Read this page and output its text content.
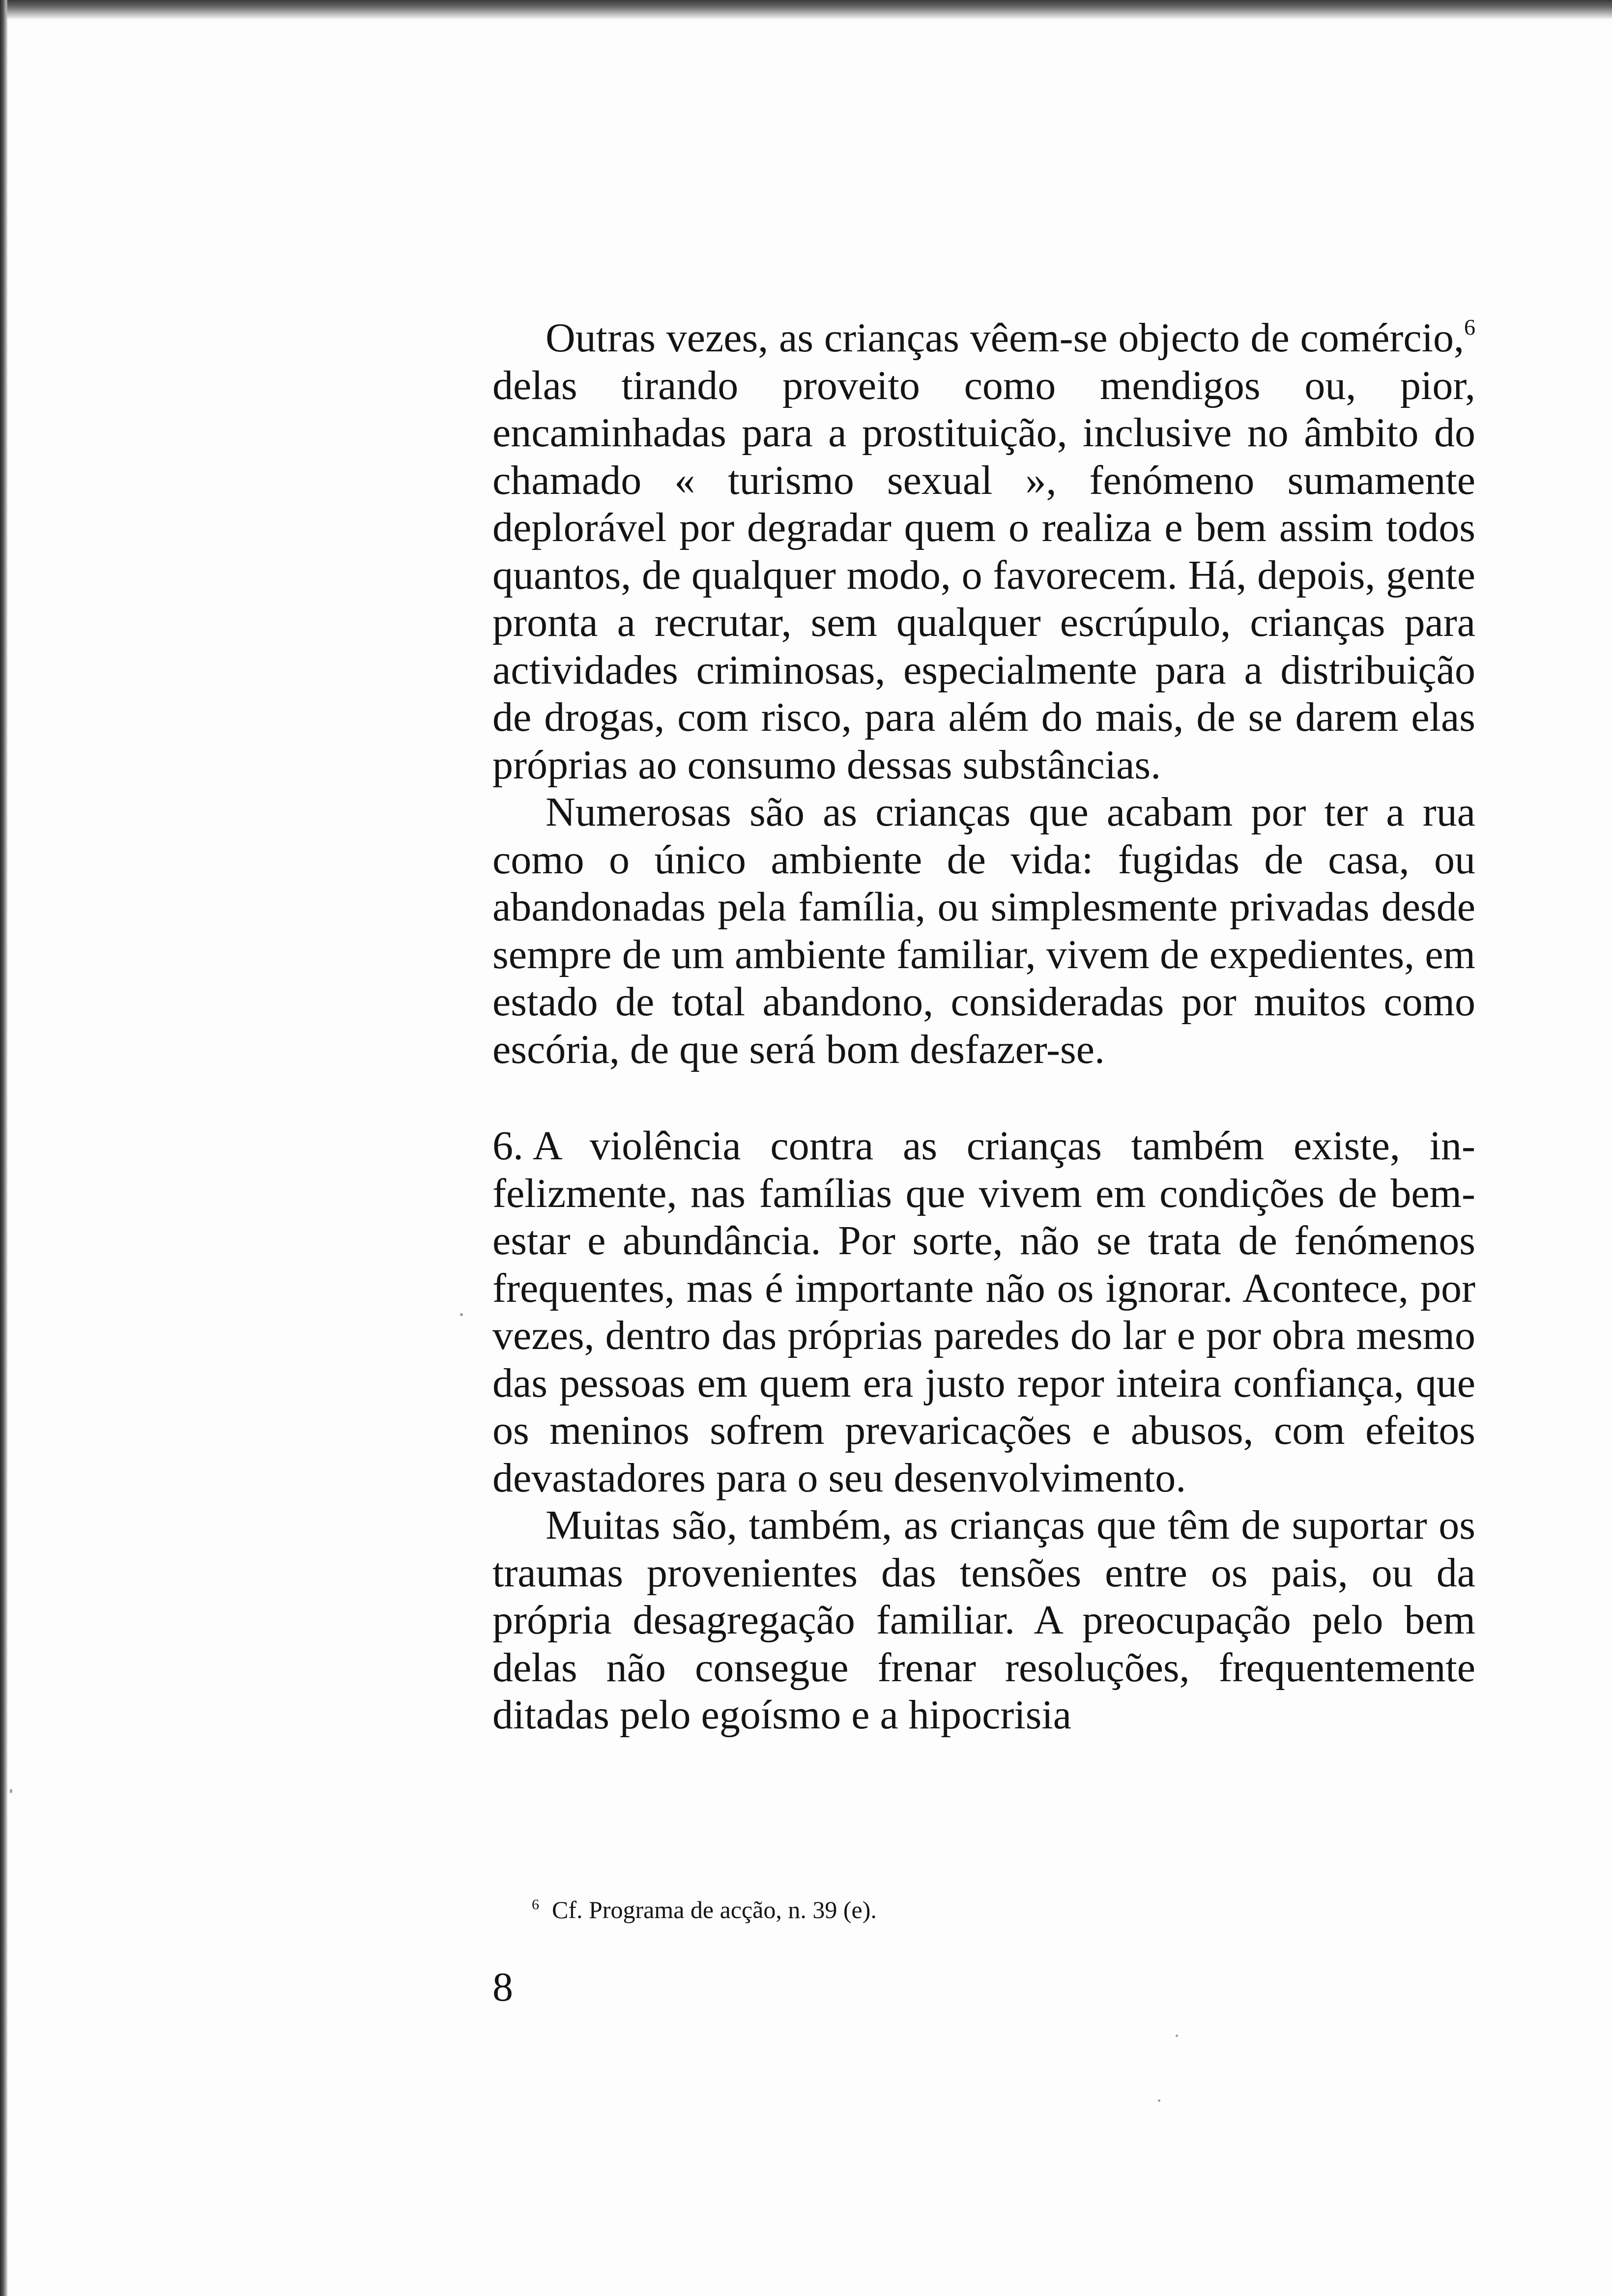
Outras vezes, as crianças vêem-se objecto de comércio,$^6$ delas tirando proveito como mendigos ou, pior, encaminhadas para a prostituição, inclusive no âmbito do chamado « turismo sexual », fenómeno sumamente deplorável por degradar quem o realiza e bem assim todos quantos, de qualquer modo, o favorecem. Há, depois, gente pronta a recrutar, sem qualquer escrúpulo, crianças para actividades criminosas, especialmente para a distribuição de drogas, com risco, para além do mais, de se darem elas próprias ao consumo dessas substâncias.

Numerosas são as crianças que acabam por ter a rua como o único ambiente de vida: fugidas de casa, ou abandonadas pela família, ou simplesmente privadas desde sempre de um ambiente familiar, vivem de expedientes, em estado de total abandono, consideradas por muitos como escória, de que será bom desfazer-se.

6. A violência contra as crianças também existe, infelizmente, nas famílias que vivem em condições de bem-estar e abundância. Por sorte, não se trata de fenómenos frequentes, mas é importante não os ignorar. Acontece, por vezes, dentro das próprias paredes do lar e por obra mesmo das pessoas em quem era justo repor inteira confiança, que os meninos sofrem prevaricações e abusos, com efeitos devastadores para o seu desenvolvimento.

Muitas são, também, as crianças que têm de suportar os traumas provenientes das tensões entre os pais, ou da própria desagregação familiar. A preocupação pelo bem delas não consegue frenar resoluções, frequentemente ditadas pelo egoísmo e a hipocrisia

$^6$ Cf. Programa de acção, n. 39 (e).

8
